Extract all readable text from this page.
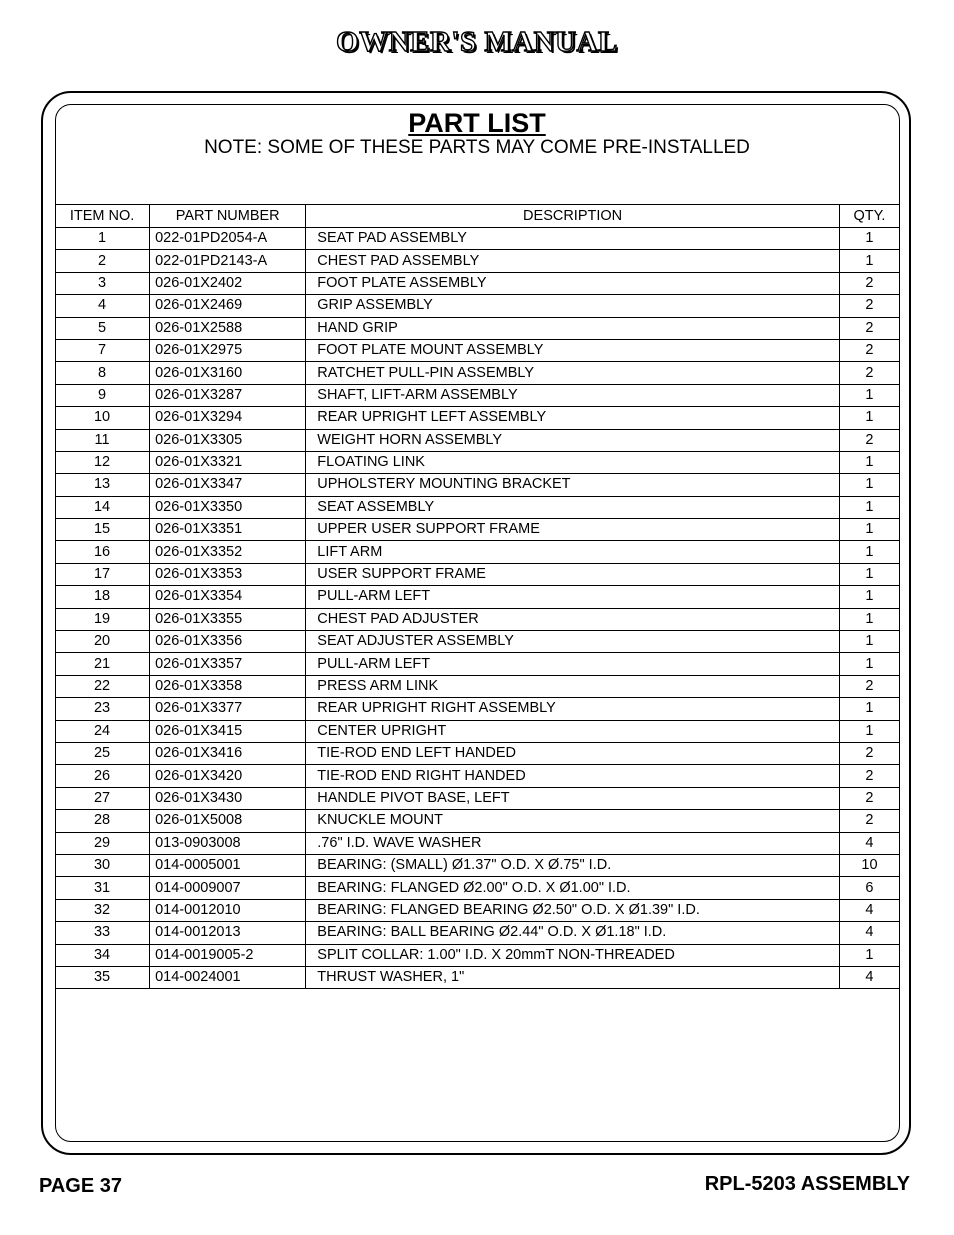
OWNER'S MANUAL
PART LIST
NOTE: SOME OF THESE PARTS MAY COME PRE-INSTALLED
ITEM NO.	PART NUMBER	DESCRIPTION	QTY.
1	022-01PD2054-A	SEAT PAD ASSEMBLY	1
2	022-01PD2143-A	CHEST PAD ASSEMBLY	1
3	026-01X2402	FOOT PLATE ASSEMBLY	2
4	026-01X2469	GRIP ASSEMBLY	2
5	026-01X2588	HAND GRIP	2
7	026-01X2975	FOOT PLATE MOUNT ASSEMBLY	2
8	026-01X3160	RATCHET PULL-PIN ASSEMBLY	2
9	026-01X3287	SHAFT, LIFT-ARM ASSEMBLY	1
10	026-01X3294	REAR UPRIGHT LEFT ASSEMBLY	1
11	026-01X3305	WEIGHT HORN ASSEMBLY	2
12	026-01X3321	FLOATING LINK	1
13	026-01X3347	UPHOLSTERY MOUNTING BRACKET	1
14	026-01X3350	SEAT ASSEMBLY	1
15	026-01X3351	UPPER USER SUPPORT FRAME	1
16	026-01X3352	LIFT ARM	1
17	026-01X3353	USER SUPPORT FRAME	1
18	026-01X3354	PULL-ARM LEFT	1
19	026-01X3355	CHEST PAD ADJUSTER	1
20	026-01X3356	SEAT ADJUSTER ASSEMBLY	1
21	026-01X3357	PULL-ARM LEFT	1
22	026-01X3358	PRESS ARM LINK	2
23	026-01X3377	REAR UPRIGHT RIGHT ASSEMBLY	1
24	026-01X3415	CENTER UPRIGHT	1
25	026-01X3416	TIE-ROD END LEFT HANDED	2
26	026-01X3420	TIE-ROD END RIGHT HANDED	2
27	026-01X3430	HANDLE PIVOT BASE, LEFT	2
28	026-01X5008	KNUCKLE MOUNT	2
29	013-0903008	.76" I.D. WAVE WASHER	4
30	014-0005001	BEARING: (SMALL) Ø1.37" O.D. X Ø.75" I.D.	10
31	014-0009007	BEARING: FLANGED Ø2.00" O.D. X Ø1.00" I.D.	6
32	014-0012010	BEARING: FLANGED BEARING Ø2.50" O.D. X Ø1.39" I.D.	4
33	014-0012013	BEARING: BALL BEARING Ø2.44" O.D. X Ø1.18" I.D.	4
34	014-0019005-2	SPLIT COLLAR: 1.00" I.D. X 20mmT NON-THREADED	1
35	014-0024001	THRUST WASHER, 1"	4
PAGE 37	RPL-5203 ASSEMBLY
